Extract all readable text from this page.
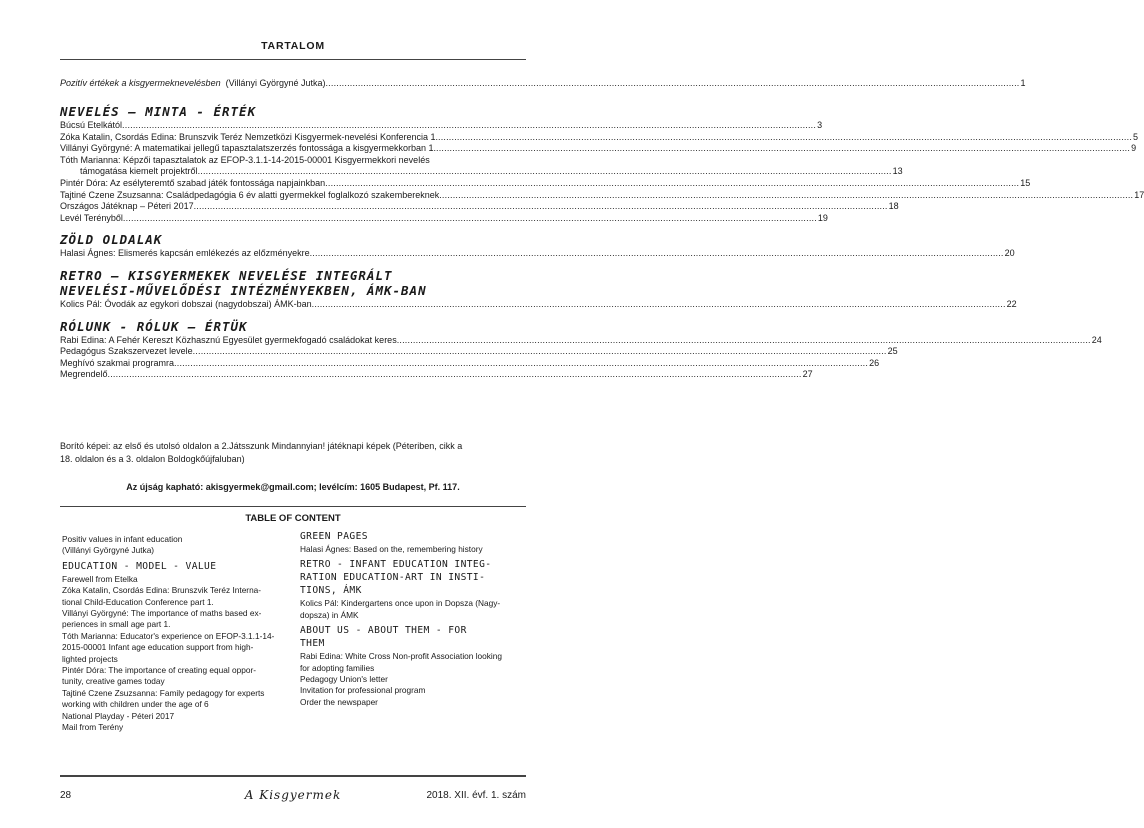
TARTALOM
Pozitív értékek a kisgyermeknevelésben (Villányi Györgyné Jutka) .....	1
NEVELÉS – MINTA - ÉRTÉK
Búcsú Etelkától .....	3
Zóka Katalin, Csordás Edina: Brunszvik Teréz Nemzetközi Kisgyermek-nevelési Konferencia 1. .....	5
Villányi Györgyné: A matematikai jellegű tapasztalatszerzés fontossága a kisgyermekkorban 1. .....	9
Tóth Marianna: Képzői tapasztalatok az EFOP-3.1.1-14-2015-00001 Kisgyermekkori nevelés
támogatása kiemelt projektről .....	13
Pintér Dóra: Az esélyteremtő szabad játék fontossága napjainkban .....	15
Tajtiné Czene Zsuzsanna: Családpedagógia 6 év alatti gyermekkel foglalkozó szakembereknek .....	17
Országos Játéknap – Péteri 2017 .....	18
Levél Terényből .....	19
ZÖLD OLDALAK
Halasi Ágnes: Elismerés kapcsán emlékezés az előzményekre .....	20
RETRO – KISGYERMEKEK NEVELÉSE INTEGRÁLT
NEVELÉSI-MŰVELŐDÉSI INTÉZMÉNYEKBEN, ÁMK-BAN
Kolics Pál: Óvodák az egykori dobszai (nagydobszai) ÁMK-ban .....	22
RÓLUNK - RÓLUK – ÉRTÜK
Rabi Edina: A Fehér Kereszt Közhasznú Egyesület gyermekfogadó családokat keres .....	24
Pedagógus Szakszervezet levele .....	25
Meghívó szakmai programra .....	26
Megrendelő .....	27
Borító képei: az első és utolsó oldalon a 2.Játsszunk Mindannyian! játéknapi képek (Péteriben, cikk a
18. oldalon és a 3. oldalon Boldogkőújfaluban)
Az újság kapható: akisgyermek@gmail.com; levélcím: 1605 Budapest, Pf. 117.
TABLE OF CONTENT
Positiv values in infant education
(Villányi Györgyné Jutka)
EDUCATION - MODEL - VALUE
Farewell from Etelka
Zóka Katalin, Csordás Edina: Brunszvik Teréz Interna-
tional Child-Education Conference part 1.
Villányi Györgyné: The importance of maths based ex-
periences in small age part 1.
Tóth Marianna: Educator's experience on EFOP-3.1.1-14-
2015-00001 Infant age education support from high-
lighted projects
Pintér Dóra: The importance of creating equal oppor-
tunity, creative games today
Tajtiné Czene Zsuzsanna: Family pedagogy for experts
working with children under the age of 6
National Playday - Péteri 2017
Mail from Terény
GREEN PAGES
Halasi Ágnes: Based on the, remembering history
RETRO - INFANT EDUCATION INTEG-
RATION EDUCATION-ART IN INSTI-
TIONS, ÁMK
Kolics Pál: Kindergartens once upon in Dopsza (Nagy-
dopsza) in ÁMK
ABOUT US - ABOUT THEM - FOR
THEM
Rabi Edina: White Cross Non-profit Association looking
for adopting families
Pedagogy Union's letter
Invitation for professional program
Order the newspaper
28	A Kisgyermek	2018. XII. évf. 1. szám
